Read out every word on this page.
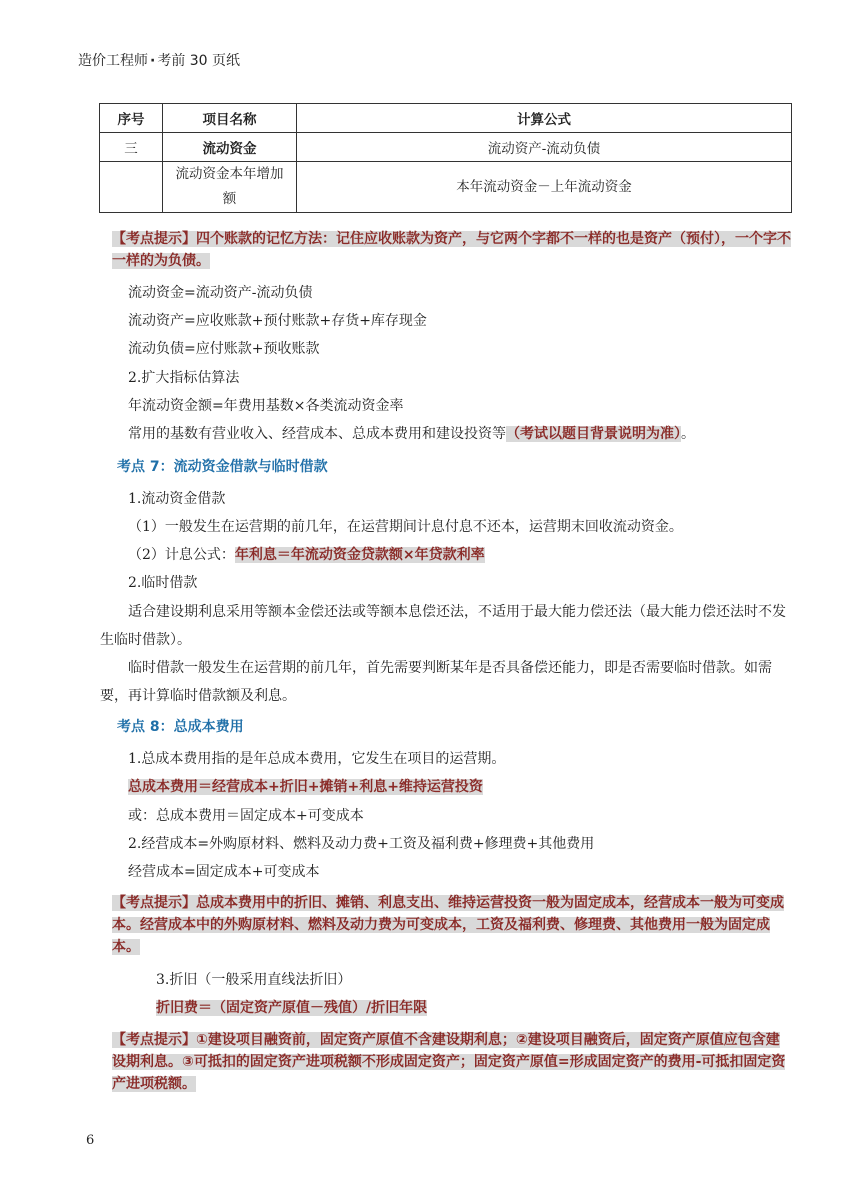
造价工程师 · 考前 30 页纸
序号	项目名称	计算公式
三	流动资金	流动资产-流动负债
	流动资金本年增加额	本年流动资金－上年流动资金
【考点提示】四个账款的记忆方法：记住应收账款为资产，与它两个字都不一样的也是资产（预付），一个字不一样的为负债。
流动资金=流动资产-流动负债
流动资产=应收账款+预付账款+存货+库存现金
流动负债=应付账款+预收账款
2.扩大指标估算法
年流动资金额=年费用基数×各类流动资金率
常用的基数有营业收入、经营成本、总成本费用和建设投资等（考试以题目背景说明为准）。
考点 7：流动资金借款与临时借款
1.流动资金借款
（1）一般发生在运营期的前几年，在运营期间计息付息不还本，运营期末回收流动资金。
（2）计息公式：年利息＝年流动资金贷款额×年贷款利率
2.临时借款
适合建设期利息采用等额本金偿还法或等额本息偿还法，不适用于最大能力偿还法（最大能力偿还法时不发生临时借款）。
临时借款一般发生在运营期的前几年，首先需要判断某年是否具备偿还能力，即是否需要临时借款。如需要，再计算临时借款额及利息。
考点 8：总成本费用
1.总成本费用指的是年总成本费用，它发生在项目的运营期。
总成本费用＝经营成本+折旧+摊销+利息+维持运营投资
或：总成本费用＝固定成本+可变成本
2.经营成本=外购原材料、燃料及动力费+工资及福利费+修理费+其他费用
经营成本=固定成本+可变成本
【考点提示】总成本费用中的折旧、摊销、利息支出、维持运营投资一般为固定成本，经营成本一般为可变成本。经营成本中的外购原材料、燃料及动力费为可变成本，工资及福利费、修理费、其他费用一般为固定成本。
3.折旧（一般采用直线法折旧）
折旧费＝（固定资产原值－残值）/折旧年限
【考点提示】①建设项目融资前，固定资产原值不含建设期利息；②建设项目融资后，固定资产原值应包含建设期利息。③可抵扣的固定资产进项税额不形成固定资产；固定资产原值=形成固定资产的费用-可抵扣固定资产进项税额。
6
